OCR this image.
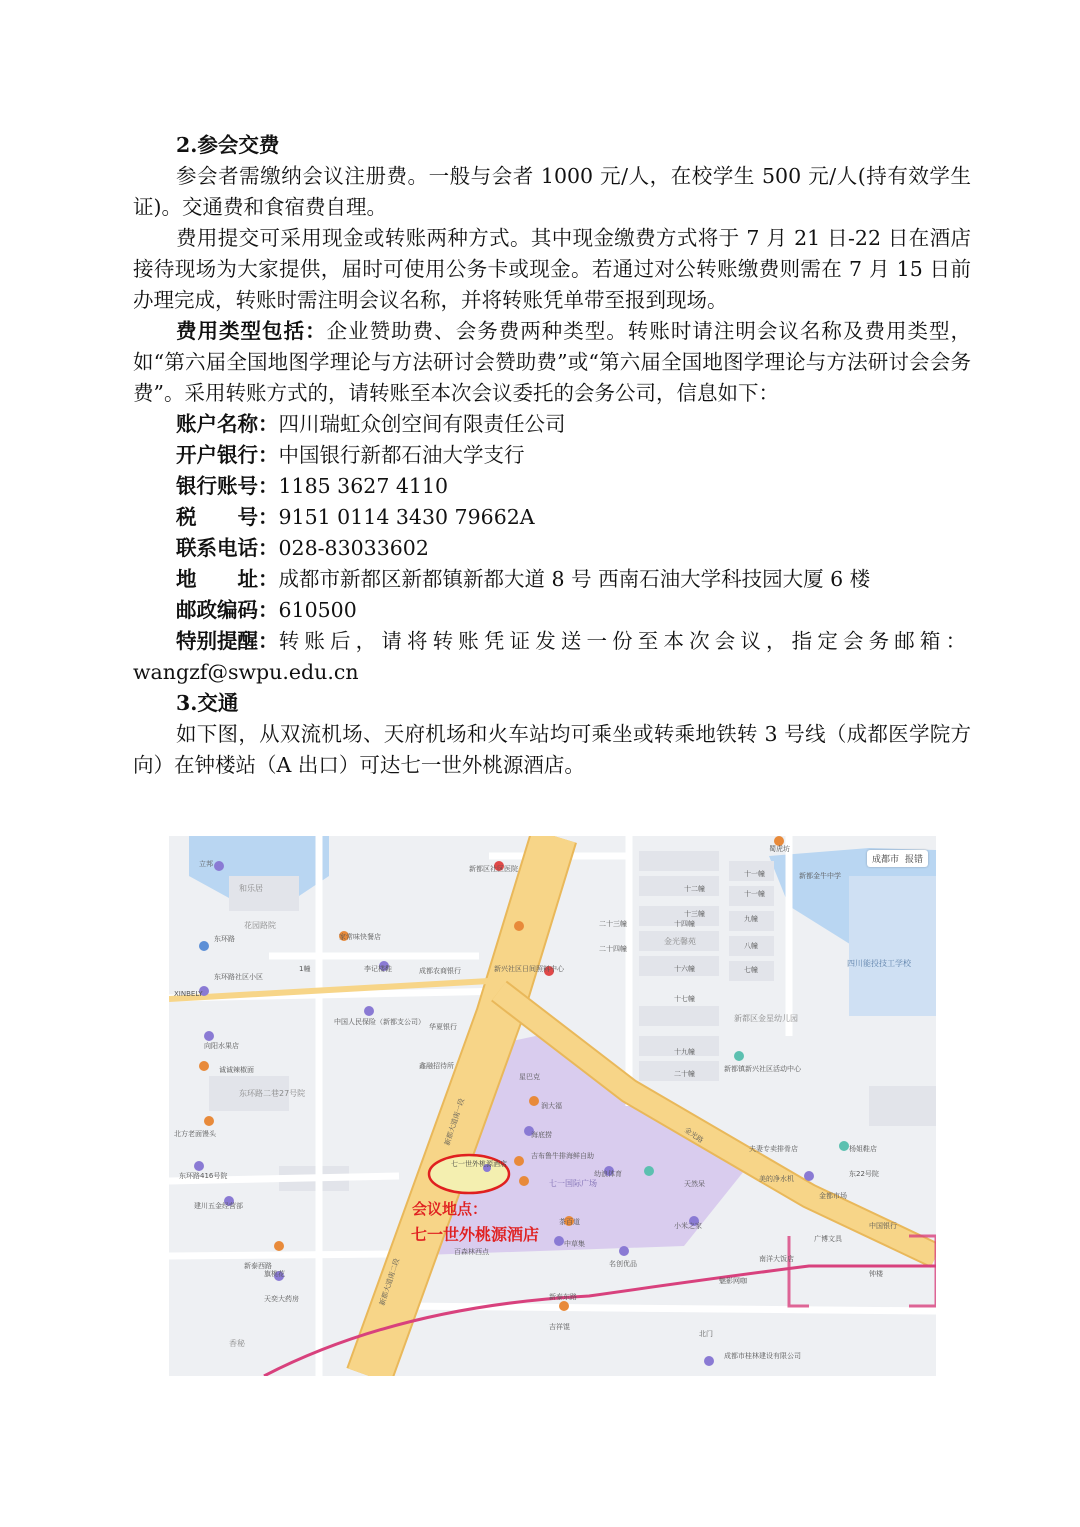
2.参会交费

参会者需缴纳会议注册费。一般与会者 1000 元/人，在校学生 500 元/人(持有效学生证)。交通费和食宿费自理。

费用提交可采用现金或转账两种方式。其中现金缴费方式将于 7 月 21 日-22 日在酒店接待现场为大家提供，届时可使用公务卡或现金。若通过对公转账缴费则需在 7 月 15 日前办理完成，转账时需注明会议名称，并将转账凭单带至报到现场。

费用类型包括：企业赞助费、会务费两种类型。转账时请注明会议名称及费用类型，如“第六届全国地图学理论与方法研讨会赞助费”或“第六届全国地图学理论与方法研讨会会务费”。采用转账方式的，请转账至本次会议委托的会务公司，信息如下：

账户名称：四川瑞虹众创空间有限责任公司

开户银行：中国银行新都石油大学支行

银行账号：1185 3627 4110

税　　号：9151 0114 3430 79662A

联系电话：028-83033602

地　　址：成都市新都区新都镇新都大道 8 号 西南石油大学科技园大厦 6 楼

邮政编码：610500

特别提醒：转账后，请将转账凭证发送一份至本次会议，指定会务邮箱：

wangzf@swpu.edu.cn

3.交通

如下图，从双流机场、天府机场和火车站均可乘坐或转乘地铁转 3 号线（成都医学院方向）在钟楼站（A 出口）可达七一世外桃源酒店。

立邦
东环路
和乐居
花园路院
东环路社区小区
XINBELY
向阳水果店
诚诚辣椒面
东环路二巷27号院
北方老面馒头
东环路416号院
建川五金经营部
新泰西路
家常味快餐店
李记楼鞋	成都农商银行
中国人民保险（新都支公司）
华夏银行
新都区社区医院
新兴社区日间照料中心
鑫融招待所
星巴克
润大福
海底捞
吉布鲁牛排海鲜自助
幼浪体育
天然呆
小米之家
名创优品
百森林西点
茶百道
中草集
七一国际广场
十二幢
十一幢
十三幢
二十三幢
二十四幢
十四幢
金光馨苑
十六幢
十七幢
十九幢
二十幢
十一幢
九幢
八幢
七幢
新都区金星幼儿园
新都镇新兴社区活动中心
新都金牛中学
四川能投技工学校
蜀虎坊
金光路
夫妻专卖排骨店	杨姐鞋店
美的净水机
金都市场
东22号院
中国银行
广博文具
南洋大饭店
钟楼
魅影网咖
吉祥馄
北门
成都市桂林建设有限公司
新泰东路
香秘
天奕大药房
旗桃花
1幢
新都大道南一段
新都大道南二段
七一世外桃源酒店
成都市 报错
会议地点：
七一世外桃源酒店
